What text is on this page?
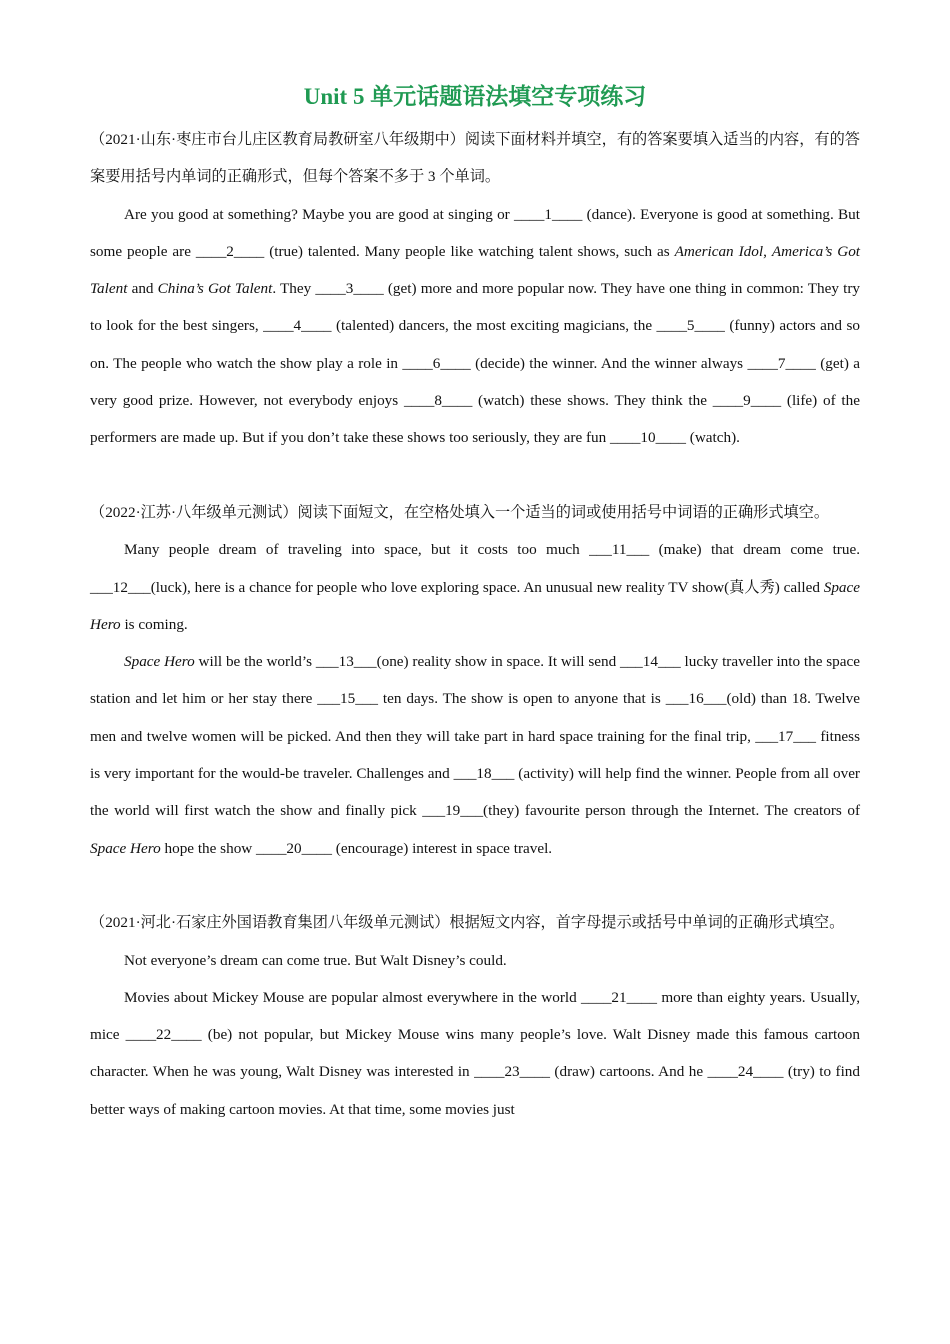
Unit 5 单元话题语法填空专项练习

（2021·山东·枣庄市台儿庄区教育局教研室八年级期中）阅读下面材料并填空，有的答案要填入适当的内容，有的答案要用括号内单词的正确形式，但每个答案不多于 3 个单词。

Are you good at something? Maybe you are good at singing or ____1____ (dance). Everyone is good at something. But some people are ____2____ (true) talented. Many people like watching talent shows, such as American Idol, America’s Got Talent and China’s Got Talent. They ____3____ (get) more and more popular now. They have one thing in common: They try to look for the best singers, ____4____ (talented) dancers, the most exciting magicians, the ____5____ (funny) actors and so on. The people who watch the show play a role in ____6____ (decide) the winner. And the winner always ____7____ (get) a very good prize. However, not everybody enjoys ____8____ (watch) these shows. They think the ____9____ (life) of the performers are made up. But if you don’t take these shows too seriously, they are fun ____10____ (watch).

（2022·江苏·八年级单元测试）阅读下面短文，在空格处填入一个适当的词或使用括号中词语的正确形式填空。

Many people dream of traveling into space, but it costs too much ___11___ (make) that dream come true. ___12___(luck), here is a chance for people who love exploring space. An unusual new reality TV show(真人秀) called Space Hero is coming.

Space Hero will be the world’s ___13___(one) reality show in space. It will send ___14___ lucky traveller into the space station and let him or her stay there ___15___ ten days. The show is open to anyone that is ___16___(old) than 18. Twelve men and twelve women will be picked. And then they will take part in hard space training for the final trip, ___17___ fitness is very important for the would-be traveler. Challenges and ___18___ (activity) will help find the winner. People from all over the world will first watch the show and finally pick ___19___(they) favourite person through the Internet. The creators of Space Hero hope the show ____20____ (encourage) interest in space travel.

（2021·河北·石家庄外国语教育集团八年级单元测试）根据短文内容，首字母提示或括号中单词的正确形式填空。

Not everyone’s dream can come true. But Walt Disney’s could.

Movies about Mickey Mouse are popular almost everywhere in the world ____21____ more than eighty years. Usually, mice ____22____ (be) not popular, but Mickey Mouse wins many people’s love. Walt Disney made this famous cartoon character. When he was young, Walt Disney was interested in ____23____ (draw) cartoons. And he ____24____ (try) to find better ways of making cartoon movies. At that time, some movies just
